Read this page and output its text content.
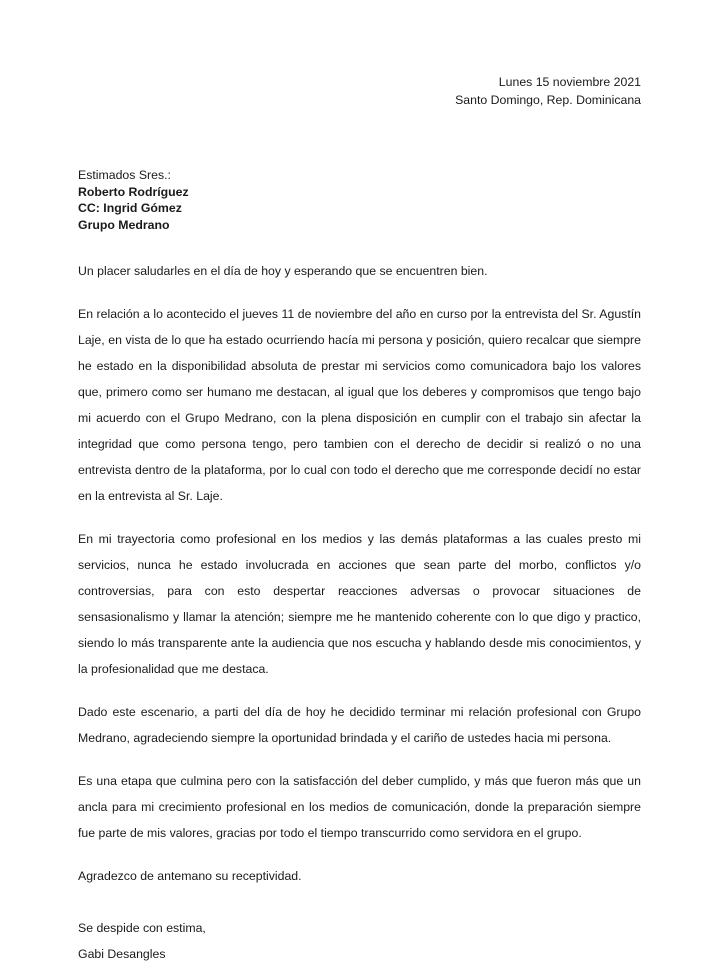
Lunes 15 noviembre 2021
Santo Domingo, Rep. Dominicana
Estimados Sres.:
Roberto Rodríguez
CC: Ingrid Gómez
Grupo Medrano

Un placer saludarles en el día de hoy y esperando que se encuentren bien.

En relación a lo acontecido el jueves 11 de noviembre del año en curso por la entrevista del Sr. Agustín Laje, en vista de lo que ha estado ocurriendo hacía mi persona y posición, quiero recalcar que siempre he estado en la disponibilidad absoluta de prestar mi servicios como comunicadora bajo los valores que, primero como ser humano me destacan, al igual que los deberes y compromisos que tengo bajo mi acuerdo con el Grupo Medrano, con la plena disposición en cumplir con el trabajo sin afectar la integridad que como persona tengo, pero tambien con el derecho de decidir si realizó o no una entrevista dentro de la plataforma, por lo cual con todo el derecho que me corresponde decidí no estar en la entrevista al Sr. Laje.

En mi trayectoria como profesional en los medios y las demás plataformas a las cuales presto mi servicios, nunca he estado involucrada en acciones que sean parte del morbo, conflictos y/o controversias, para con esto despertar reacciones adversas o provocar situaciones de sensasionalismo y llamar la atención; siempre me he mantenido coherente con lo que digo y practico, siendo lo más transparente ante la audiencia que nos escucha y hablando desde mis conocimientos, y la profesionalidad que me destaca.

Dado este escenario, a parti del día de hoy he decidido terminar mi relación profesional con Grupo Medrano, agradeciendo siempre la oportunidad brindada y el cariño de ustedes hacia mi persona.

Es una etapa que culmina pero con la satisfacción del deber cumplido, y más que fueron más que un ancla para mi crecimiento profesional en los medios de comunicación, donde la preparación siempre fue parte de mis valores, gracias por todo el tiempo transcurrido como servidora en el grupo.

Agradezco de antemano su receptividad.

Se despide con estima,

Gabi Desangles
